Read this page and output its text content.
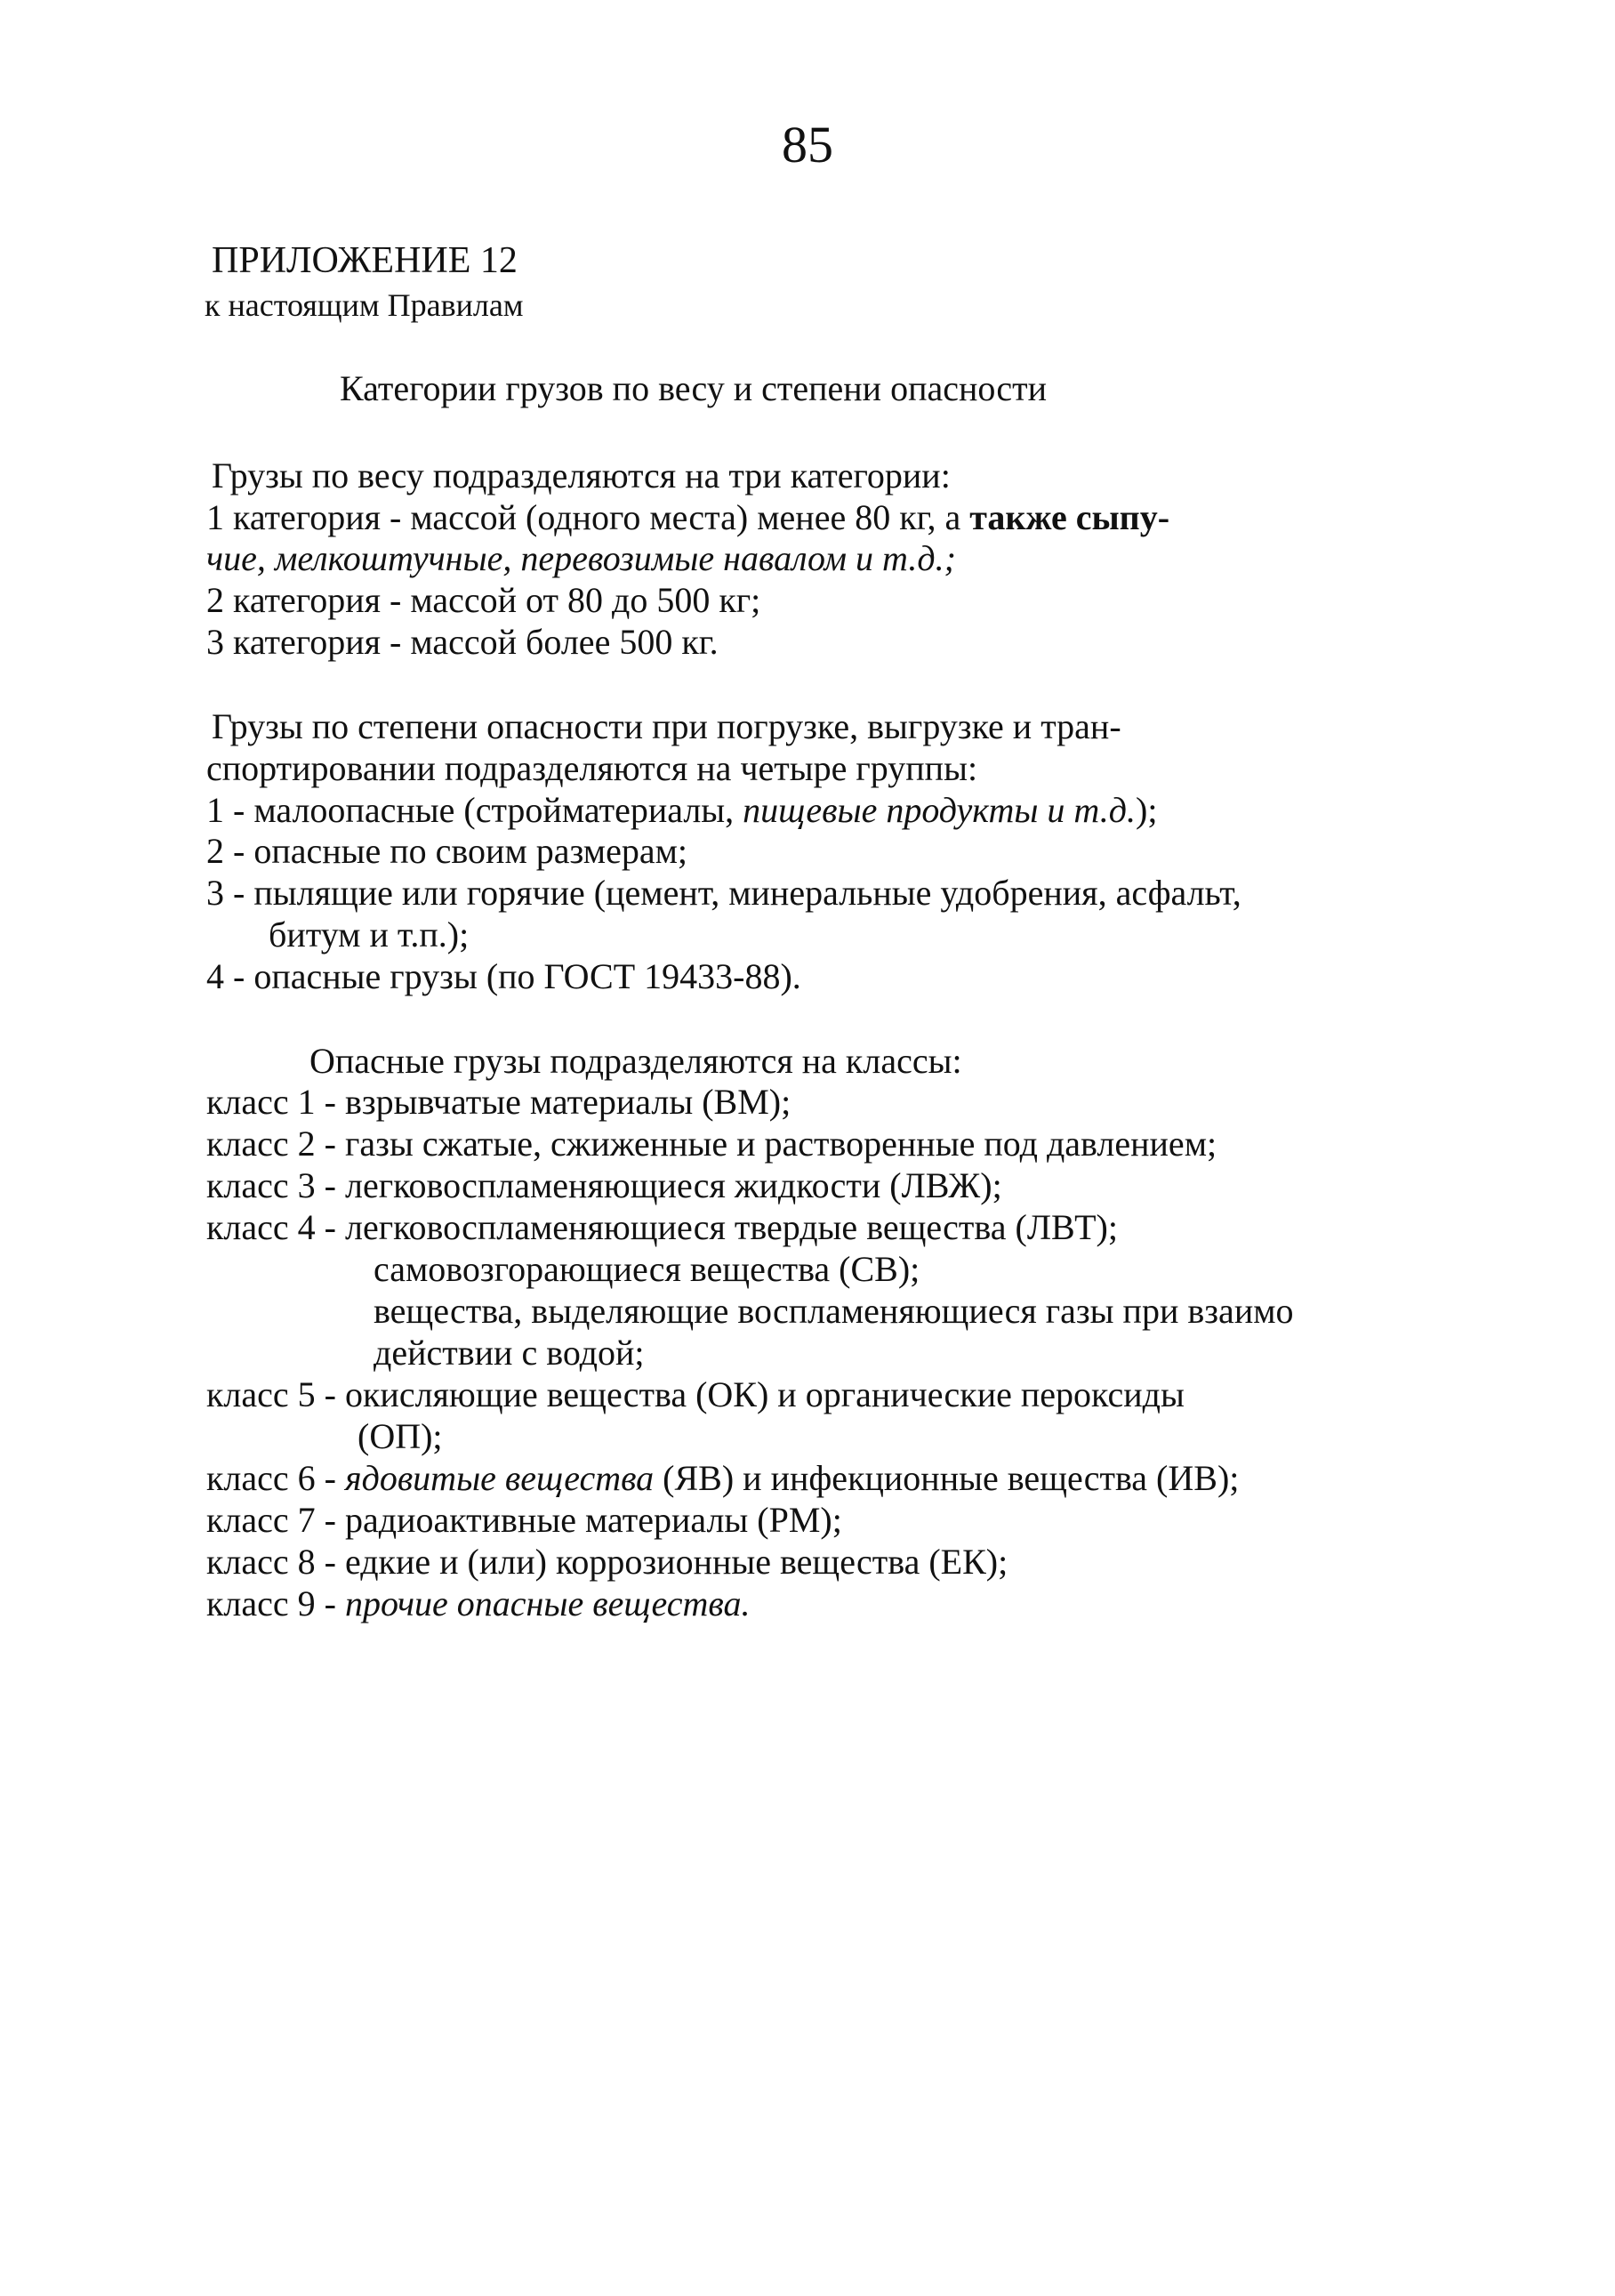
85
ПРИЛОЖЕНИЕ 12
к настоящим Правилам
Категории грузов по весу и степени опасности
Грузы по весу подразделяются на три категории:
1 категория - массой (одного места) менее 80 кг, а также сыпу-
чие, мелкоштучные, перевозимые навалом и т.д.;
2 категория - массой от 80 до 500 кг;
3 категория - массой более 500 кг.
Грузы по степени опасности при погрузке, выгрузке и тран-
спортировании подразделяются на четыре группы:
1 - малоопасные (стройматериалы, пищевые продукты и т.д.);
2 - опасные по своим размерам;
3 - пылящие или горячие (цемент, минеральные удобрения, асфальт,
битум и т.п.);
4 - опасные грузы (по ГОСТ 19433-88).
Опасные грузы подразделяются на классы:
класс 1 - взрывчатые материалы (ВМ);
класс 2 - газы сжатые, сжиженные и растворенные под давлением;
класс 3 - легковоспламеняющиеся жидкости (ЛВЖ);
класс 4 - легковоспламеняющиеся твердые вещества (ЛВТ);
самовозгорающиеся вещества (СВ);
вещества, выделяющие воспламеняющиеся газы при взаимо
действии с водой;
класс 5 - окисляющие вещества (ОК) и органические пероксиды
(ОП);
класс 6 - ядовитые вещества (ЯВ) и инфекционные вещества (ИВ);
класс 7 - радиоактивные материалы (РМ);
класс 8 - едкие и (или) коррозионные вещества (ЕК);
класс 9 - прочие опасные вещества.
